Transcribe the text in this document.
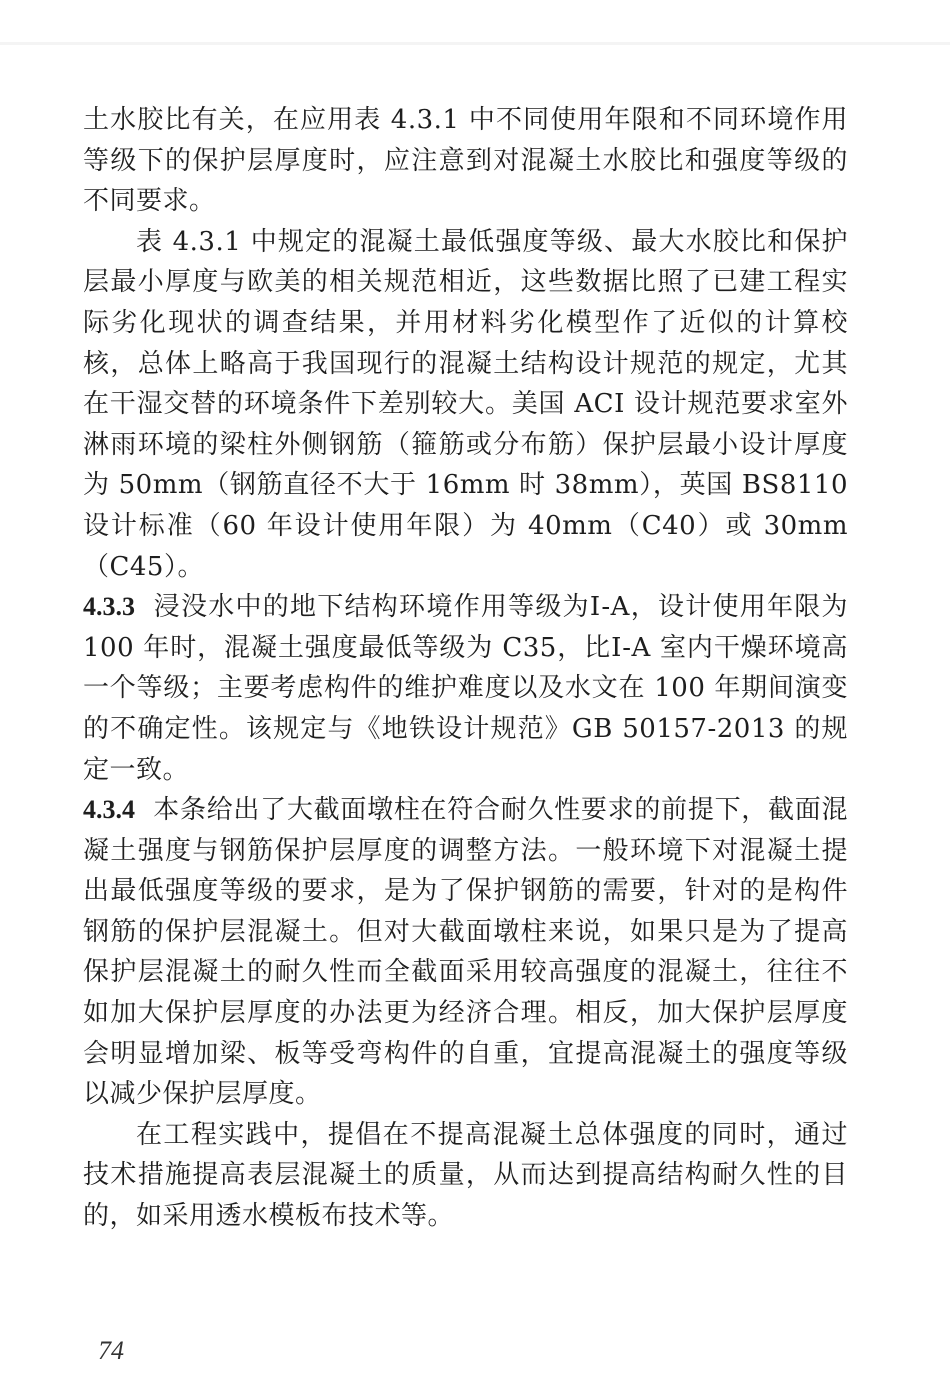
土水胶比有关，在应用表 4.3.1 中不同使用年限和不同环境作用等级下的保护层厚度时，应注意到对混凝土水胶比和强度等级的不同要求。

表 4.3.1 中规定的混凝土最低强度等级、最大水胶比和保护层最小厚度与欧美的相关规范相近，这些数据比照了已建工程实际劣化现状的调查结果，并用材料劣化模型作了近似的计算校核，总体上略高于我国现行的混凝土结构设计规范的规定，尤其在干湿交替的环境条件下差别较大。美国 ACI 设计规范要求室外淋雨环境的梁柱外侧钢筋（箍筋或分布筋）保护层最小设计厚度为 50mm（钢筋直径不大于 16mm 时 38mm），英国 BS8110 设计标准（60 年设计使用年限）为 40mm（C40）或 30mm（C45）。

4.3.3 浸没水中的地下结构环境作用等级为Ⅰ-A，设计使用年限为 100 年时，混凝土强度最低等级为 C35，比Ⅰ-A 室内干燥环境高一个等级；主要考虑构件的维护难度以及水文在 100 年期间演变的不确定性。该规定与《地铁设计规范》GB 50157-2013 的规定一致。

4.3.4 本条给出了大截面墩柱在符合耐久性要求的前提下，截面混凝土强度与钢筋保护层厚度的调整方法。一般环境下对混凝土提出最低强度等级的要求，是为了保护钢筋的需要，针对的是构件钢筋的保护层混凝土。但对大截面墩柱来说，如果只是为了提高保护层混凝土的耐久性而全截面采用较高强度的混凝土，往往不如加大保护层厚度的办法更为经济合理。相反，加大保护层厚度会明显增加梁、板等受弯构件的自重，宜提高混凝土的强度等级以减少保护层厚度。

在工程实践中，提倡在不提高混凝土总体强度的同时，通过技术措施提高表层混凝土的质量，从而达到提高结构耐久性的目的，如采用透水模板布技术等。

74
